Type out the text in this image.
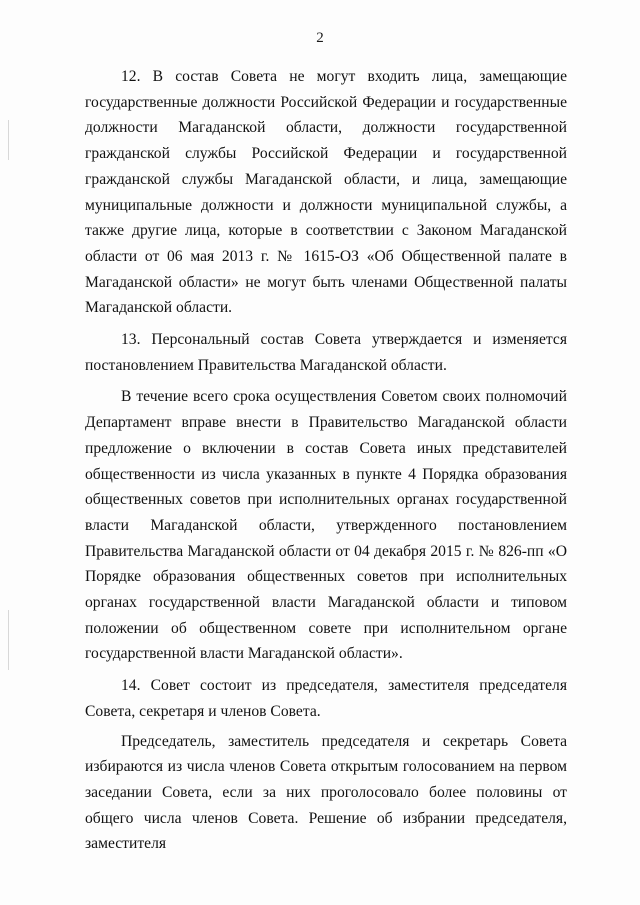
2

12. В состав Совета не могут входить лица, замещающие государственные должности Российской Федерации и государственные должности Магаданской области, должности государственной гражданской службы Российской Федерации и государственной гражданской службы Магаданской области, и лица, замещающие муниципальные должности и должности муниципальной службы, а также другие лица, которые в соответствии с Законом Магаданской области от 06 мая 2013 г. № 1615-ОЗ «Об Общественной палате в Магаданской области» не могут быть членами Общественной палаты Магаданской области.

13. Персональный состав Совета утверждается и изменяется постановлением Правительства Магаданской области.

В течение всего срока осуществления Советом своих полномочий Департамент вправе внести в Правительство Магаданской области предложение о включении в состав Совета иных представителей общественности из числа указанных в пункте 4 Порядка образования общественных советов при исполнительных органах государственной власти Магаданской области, утвержденного постановлением Правительства Магаданской области от 04 декабря 2015 г. № 826-пп «О Порядке образования общественных советов при исполнительных органах государственной власти Магаданской области и типовом положении об общественном совете при исполнительном органе государственной власти Магаданской области».

14. Совет состоит из председателя, заместителя председателя Совета, секретаря и членов Совета.

Председатель, заместитель председателя и секретарь Совета избираются из числа членов Совета открытым голосованием на первом заседании Совета, если за них проголосовало более половины от общего числа членов Совета. Решение об избрании председателя, заместителя
